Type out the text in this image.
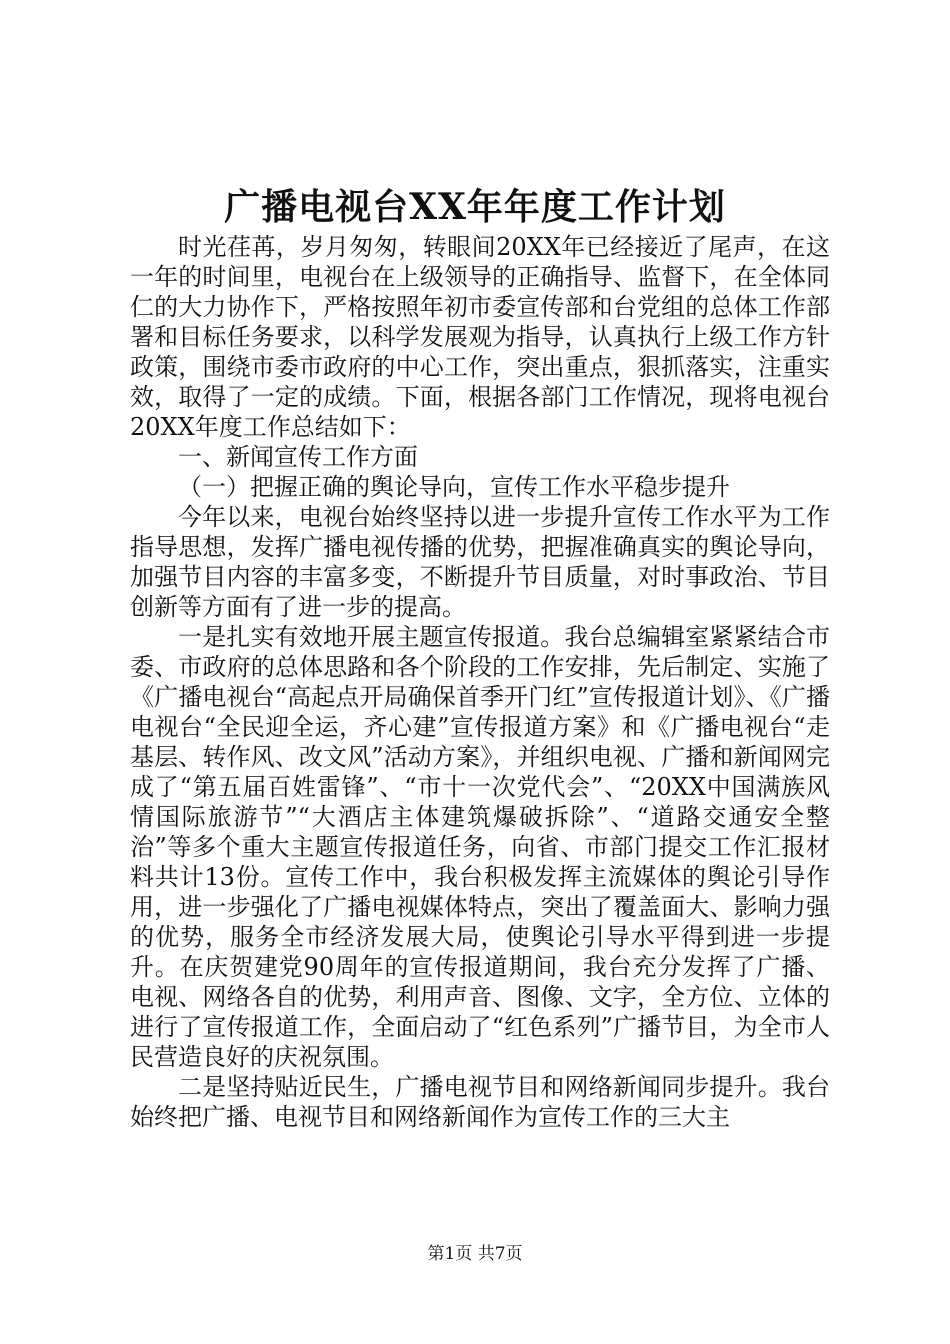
广播电视台XX年年度工作计划

时光荏苒，岁月匆匆，转眼间20XX年已经接近了尾声，在这一年的时间里，电视台在上级领导的正确指导、监督下，在全体同仁的大力协作下，严格按照年初市委宣传部和台党组的总体工作部署和目标任务要求，以科学发展观为指导，认真执行上级工作方针政策，围绕市委市政府的中心工作，突出重点，狠抓落实，注重实效，取得了一定的成绩。下面，根据各部门工作情况，现将电视台20XX年度工作总结如下：

一、新闻宣传工作方面

（一）把握正确的舆论导向，宣传工作水平稳步提升

今年以来，电视台始终坚持以进一步提升宣传工作水平为工作指导思想，发挥广播电视传播的优势，把握准确真实的舆论导向，加强节目内容的丰富多变，不断提升节目质量，对时事政治、节目创新等方面有了进一步的提高。

一是扎实有效地开展主题宣传报道。我台总编辑室紧紧结合市委、市政府的总体思路和各个阶段的工作安排，先后制定、实施了《广播电视台“高起点开局确保首季开门红”宣传报道计划》、《广播电视台“全民迎全运，齐心建”宣传报道方案》和《广播电视台“走基层、转作风、改文风”活动方案》，并组织电视、广播和新闻网完成了“第五届百姓雷锋”、“市十一次党代会”、“20XX中国满族风情国际旅游节”“大酒店主体建筑爆破拆除”、“道路交通安全整治”等多个重大主题宣传报道任务，向省、市部门提交工作汇报材料共计13份。宣传工作中，我台积极发挥主流媒体的舆论引导作用，进一步强化了广播电视媒体特点，突出了覆盖面大、影响力强的优势，服务全市经济发展大局，使舆论引导水平得到进一步提升。在庆贺建党90周年的宣传报道期间，我台充分发挥了广播、电视、网络各自的优势，利用声音、图像、文字，全方位、立体的进行了宣传报道工作，全面启动了“红色系列”广播节目，为全市人民营造良好的庆祝氛围。

二是坚持贴近民生，广播电视节目和网络新闻同步提升。我台始终把广播、电视节目和网络新闻作为宣传工作的三大主

第1页 共7页
